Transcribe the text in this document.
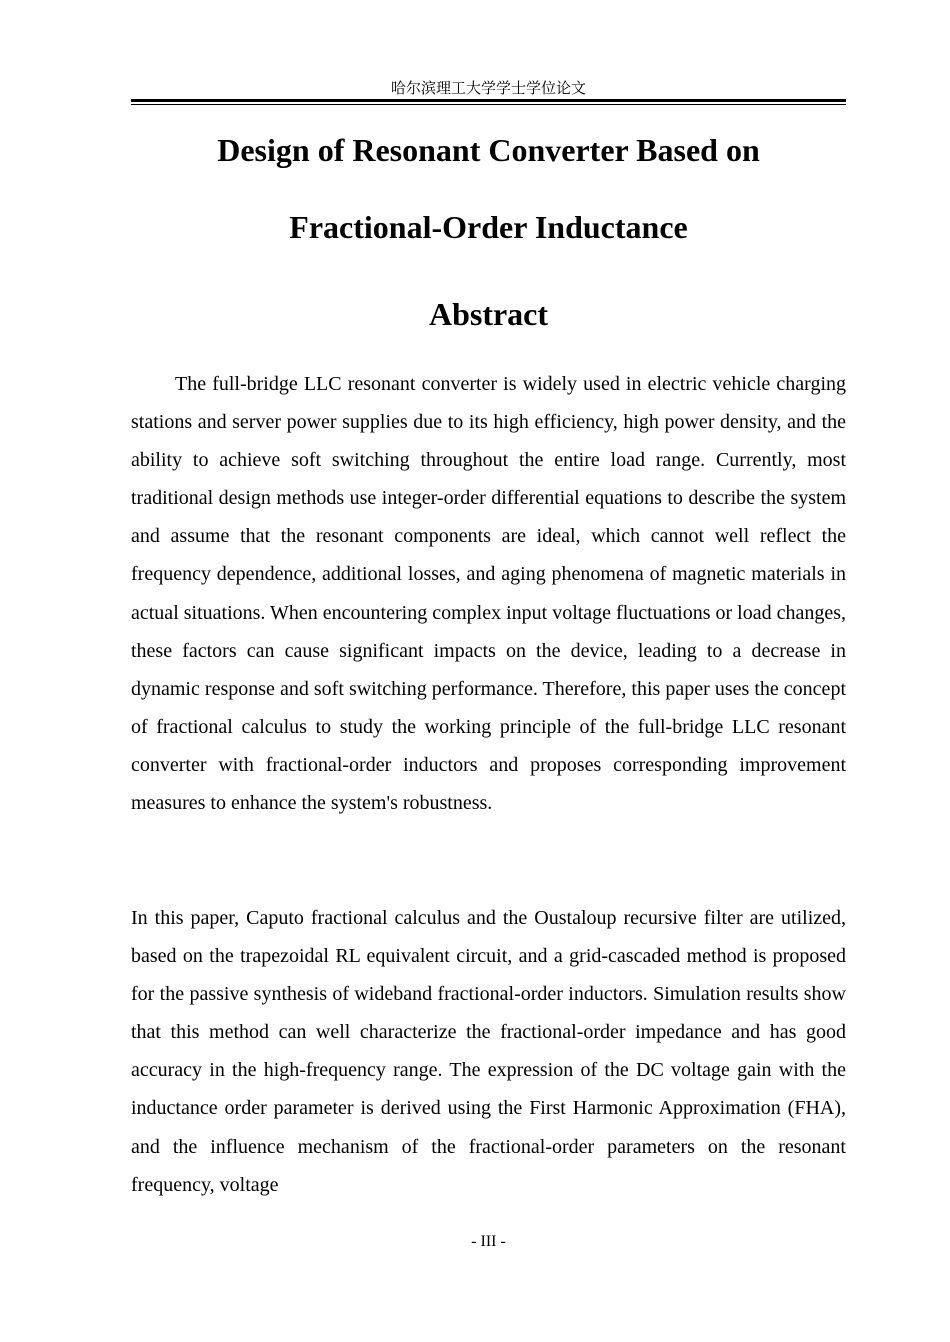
哈尔滨理工大学学士学位论文
Design of Resonant Converter Based on
Fractional-Order Inductance
Abstract

The full-bridge LLC resonant converter is widely used in electric vehicle charging stations and server power supplies due to its high efficiency, high power density, and the ability to achieve soft switching throughout the entire load range. Currently, most traditional design methods use integer-order differential equations to describe the system and assume that the resonant components are ideal, which cannot well reflect the frequency dependence, additional losses, and aging phenomena of magnetic materials in actual situations. When encountering complex input voltage fluctuations or load changes, these factors can cause significant impacts on the device, leading to a decrease in dynamic response and soft switching performance. Therefore, this paper uses the concept of fractional calculus to study the working principle of the full-bridge LLC resonant converter with fractional-order inductors and proposes corresponding improvement measures to enhance the system's robustness.

In this paper, Caputo fractional calculus and the Oustaloup recursive filter are utilized, based on the trapezoidal RL equivalent circuit, and a grid-cascaded method is proposed for the passive synthesis of wideband fractional-order inductors. Simulation results show that this method can well characterize the fractional-order impedance and has good accuracy in the high-frequency range. The expression of the DC voltage gain with the inductance order parameter is derived using the First Harmonic Approximation (FHA), and the influence mechanism of the fractional-order parameters on the resonant frequency, voltage

- III -
